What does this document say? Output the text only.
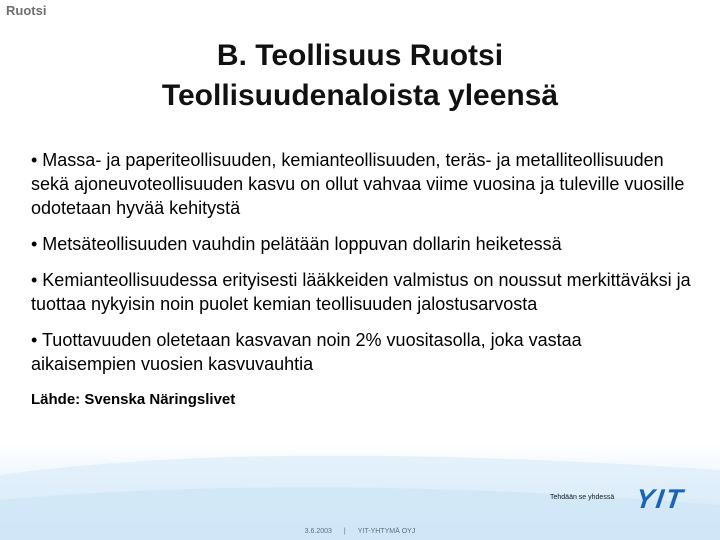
Ruotsi
B. Teollisuus Ruotsi
Teollisuudenaloista yleensä
• Massa- ja paperiteollisuuden, kemianteollisuuden, teräs- ja metalliteollisuuden sekä ajoneuvoteollisuuden kasvu on ollut vahvaa viime vuosina ja tuleville vuosille odotetaan hyvää kehitystä
• Metsäteollisuuden vauhdin pelätään loppuvan dollarin heiketessä
• Kemianteollisuudessa erityisesti lääkkeiden valmistus on noussut merkittäväksi ja tuottaa nykyisin noin puolet kemian teollisuuden jalostusarvosta
• Tuottavuuden oletetaan kasvavan noin 2% vuositasolla, joka vastaa aikaisempien vuosien kasvuvauhtia
Lähde: Svenska Näringslivet
Tehdään se yhdessä YIT
3.6.2003 | YIT-YHTYMÄ OYJ
